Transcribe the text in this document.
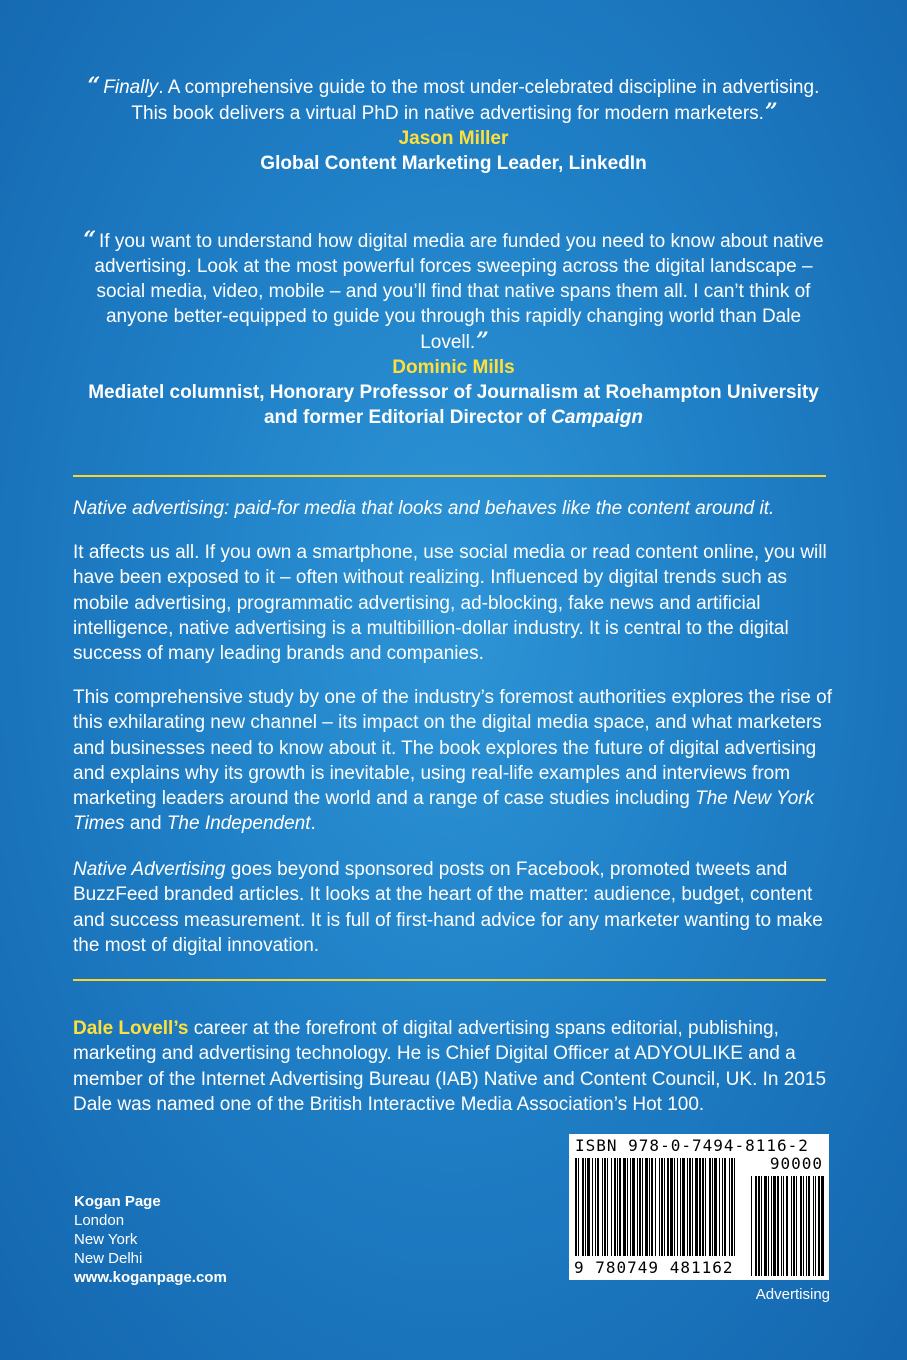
“ Finally. A comprehensive guide to the most under-celebrated discipline in advertising. This book delivers a virtual PhD in native advertising for modern marketers.”
Jason Miller
Global Content Marketing Leader, LinkedIn
“ If you want to understand how digital media are funded you need to know about native advertising. Look at the most powerful forces sweeping across the digital landscape – social media, video, mobile – and you’ll find that native spans them all. I can’t think of anyone better-equipped to guide you through this rapidly changing world than Dale Lovell.”
Dominic Mills
Mediatel columnist, Honorary Professor of Journalism at Roehampton University
and former Editorial Director of Campaign

Native advertising: paid-for media that looks and behaves like the content around it.

It affects us all. If you own a smartphone, use social media or read content online, you will have been exposed to it – often without realizing. Influenced by digital trends such as mobile advertising, programmatic advertising, ad-blocking, fake news and artificial intelligence, native advertising is a multibillion-dollar industry. It is central to the digital success of many leading brands and companies.

This comprehensive study by one of the industry’s foremost authorities explores the rise of this exhilarating new channel – its impact on the digital media space, and what marketers and businesses need to know about it. The book explores the future of digital advertising and explains why its growth is inevitable, using real-life examples and interviews from marketing leaders around the world and a range of case studies including The New York Times and The Independent.

Native Advertising goes beyond sponsored posts on Facebook, promoted tweets and BuzzFeed branded articles. It looks at the heart of the matter: audience, budget, content and success measurement. It is full of first-hand advice for any marketer wanting to make the most of digital innovation.

Dale Lovell’s career at the forefront of digital advertising spans editorial, publishing, marketing and advertising technology. He is Chief Digital Officer at ADYOULIKE and a member of the Internet Advertising Bureau (IAB) Native and Content Council, UK. In 2015 Dale was named one of the British Interactive Media Association’s Hot 100.

Kogan Page
London
New York
New Delhi
www.koganpage.com
ISBN 978-0-7494-8116-2
90000
9 780749 481162
Advertising
